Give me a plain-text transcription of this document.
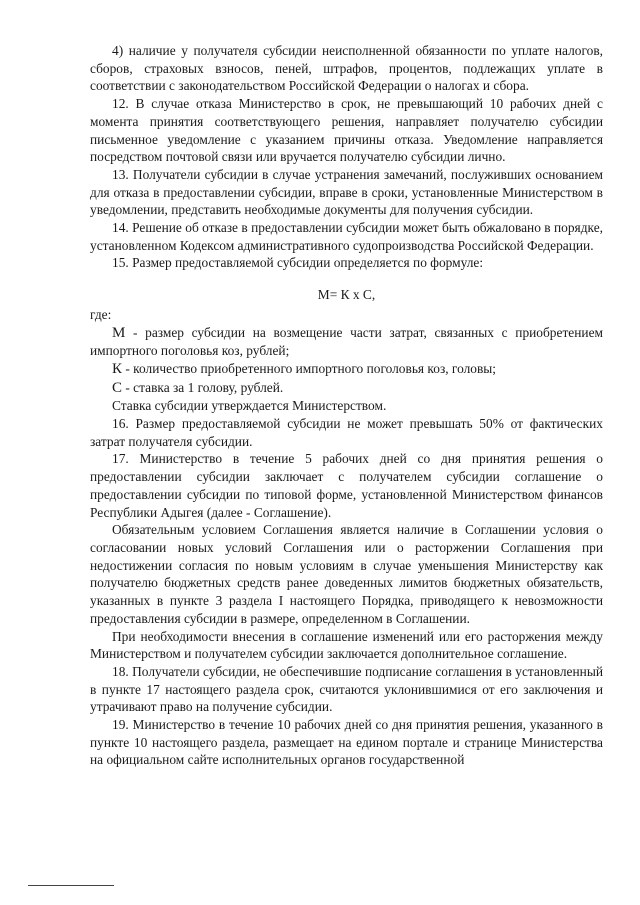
4) наличие у получателя субсидии неисполненной обязанности по уплате налогов, сборов, страховых взносов, пеней, штрафов, процентов, подлежащих уплате в соответствии с законодательством Российской Федерации о налогах и сбора.

12. В случае отказа Министерство в срок, не превышающий 10 рабочих дней с момента принятия соответствующего решения, направляет получателю субсидии письменное уведомление с указанием причины отказа. Уведомление направляется посредством почтовой связи или вручается получателю субсидии лично.

13. Получатели субсидии в случае устранения замечаний, послуживших основанием для отказа в предоставлении субсидии, вправе в сроки, установленные Министерством в уведомлении, представить необходимые документы для получения субсидии.

14. Решение об отказе в предоставлении субсидии может быть обжаловано в порядке, установленном Кодексом административного судопроизводства Российской Федерации.

15. Размер предоставляемой субсидии определяется по формуле:

М= К х С,

где:

М - размер субсидии на возмещение части затрат, связанных с приобретением импортного поголовья коз, рублей;

К - количество приобретенного импортного поголовья коз, головы;

С - ставка за 1 голову, рублей.

Ставка субсидии утверждается Министерством.

16. Размер предоставляемой субсидии не может превышать 50% от фактических затрат получателя субсидии.

17. Министерство в течение 5 рабочих дней со дня принятия решения о предоставлении субсидии заключает с получателем субсидии соглашение о предоставлении субсидии по типовой форме, установленной Министерством финансов Республики Адыгея (далее - Соглашение).

Обязательным условием Соглашения является наличие в Соглашении условия о согласовании новых условий Соглашения или о расторжении Соглашения при недостижении согласия по новым условиям в случае уменьшения Министерству как получателю бюджетных средств ранее доведенных лимитов бюджетных обязательств, указанных в пункте 3 раздела I настоящего Порядка, приводящего к невозможности предоставления субсидии в размере, определенном в Соглашении.

При необходимости внесения в соглашение изменений или его расторжения между Министерством и получателем субсидии заключается дополнительное соглашение.

18. Получатели субсидии, не обеспечившие подписание соглашения в установленный в пункте 17 настоящего раздела срок, считаются уклонившимися от его заключения и утрачивают право на получение субсидии.

19. Министерство в течение 10 рабочих дней со дня принятия решения, указанного в пункте 10 настоящего раздела, размещает на едином портале и странице Министерства на официальном сайте исполнительных органов государственной
